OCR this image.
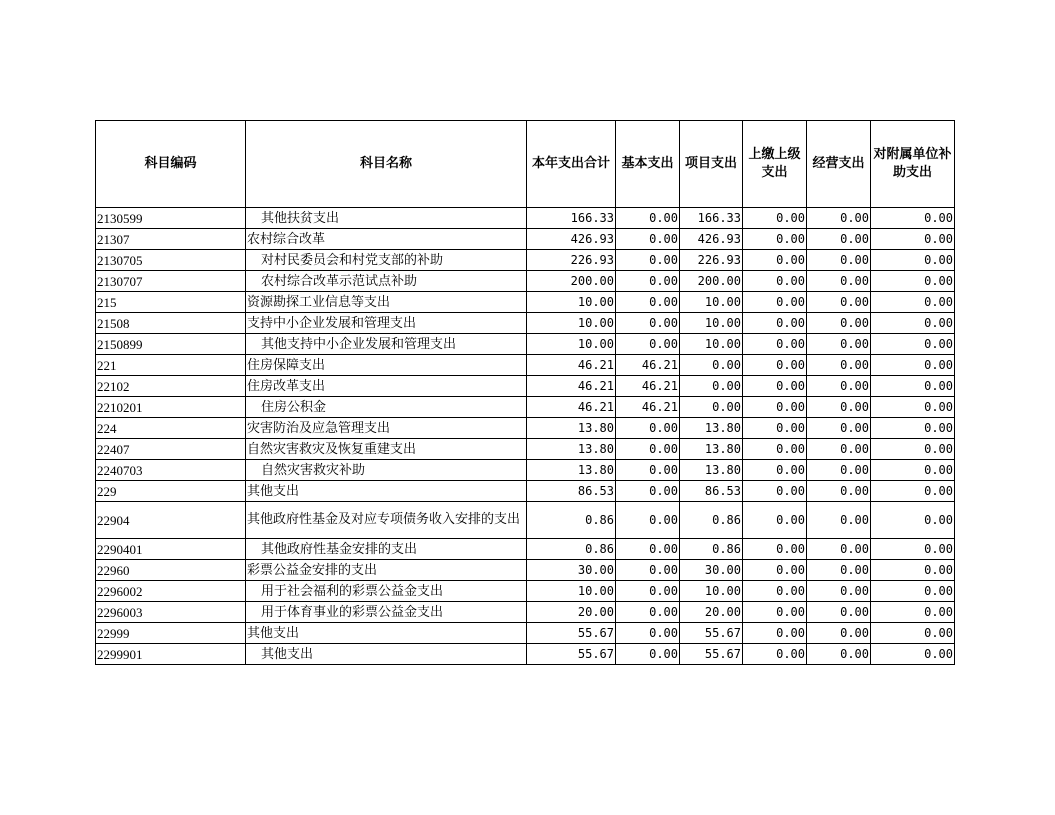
科目编码	科目名称	本年支出合计	基本支出	项目支出	上缴上级支出	经营支出	对附属单位补助支出
2130599	其他扶贫支出	166.33	0.00	166.33	0.00	0.00	0.00
21307	农村综合改革	426.93	0.00	426.93	0.00	0.00	0.00
2130705	对村民委员会和村党支部的补助	226.93	0.00	226.93	0.00	0.00	0.00
2130707	农村综合改革示范试点补助	200.00	0.00	200.00	0.00	0.00	0.00
215	资源勘探工业信息等支出	10.00	0.00	10.00	0.00	0.00	0.00
21508	支持中小企业发展和管理支出	10.00	0.00	10.00	0.00	0.00	0.00
2150899	其他支持中小企业发展和管理支出	10.00	0.00	10.00	0.00	0.00	0.00
221	住房保障支出	46.21	46.21	0.00	0.00	0.00	0.00
22102	住房改革支出	46.21	46.21	0.00	0.00	0.00	0.00
2210201	住房公积金	46.21	46.21	0.00	0.00	0.00	0.00
224	灾害防治及应急管理支出	13.80	0.00	13.80	0.00	0.00	0.00
22407	自然灾害救灾及恢复重建支出	13.80	0.00	13.80	0.00	0.00	0.00
2240703	自然灾害救灾补助	13.80	0.00	13.80	0.00	0.00	0.00
229	其他支出	86.53	0.00	86.53	0.00	0.00	0.00
22904	其他政府性基金及对应专项债务收入安排的支出	0.86	0.00	0.86	0.00	0.00	0.00
2290401	其他政府性基金安排的支出	0.86	0.00	0.86	0.00	0.00	0.00
22960	彩票公益金安排的支出	30.00	0.00	30.00	0.00	0.00	0.00
2296002	用于社会福利的彩票公益金支出	10.00	0.00	10.00	0.00	0.00	0.00
2296003	用于体育事业的彩票公益金支出	20.00	0.00	20.00	0.00	0.00	0.00
22999	其他支出	55.67	0.00	55.67	0.00	0.00	0.00
2299901	其他支出	55.67	0.00	55.67	0.00	0.00	0.00
